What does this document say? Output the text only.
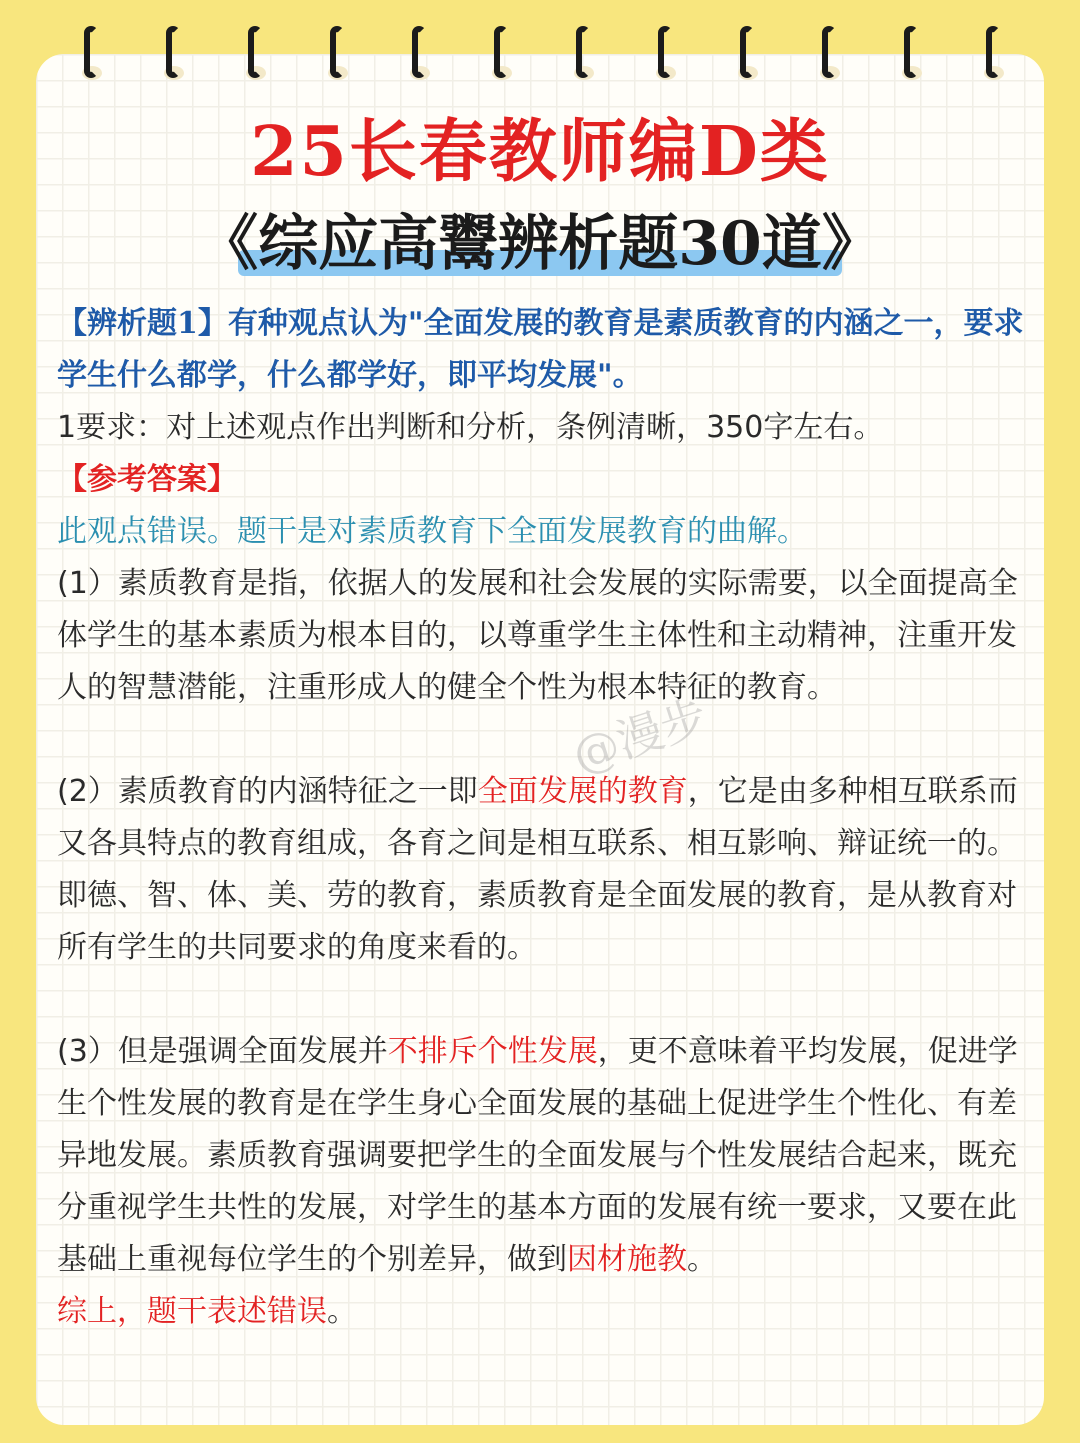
25长春教师编D类
《综应高鬻辨析题30道》

【辨析题1】有种观点认为"全面发展的教育是素质教育的内涵之一，要求学生什么都学，什么都学好，即平均发展"。

1要求：对上述观点作出判断和分析，条例清晰，350字左右。

【参考答案】

此观点错误。题干是对素质教育下全面发展教育的曲解。

(1）素质教育是指，依据人的发展和社会发展的实际需要，以全面提高全体学生的基本素质为根本目的，以尊重学生主体性和主动精神，注重开发人的智慧潜能，注重形成人的健全个性为根本特征的教育。

(2）素质教育的内涵特征之一即全面发展的教育，它是由多种相互联系而又各具特点的教育组成，各育之间是相互联系、相互影响、辩证统一的。即德、智、体、美、劳的教育，素质教育是全面发展的教育，是从教育对所有学生的共同要求的角度来看的。

(3）但是强调全面发展并不排斥个性发展，更不意味着平均发展，促进学生个性发展的教育是在学生身心全面发展的基础上促进学生个性化、有差异地发展。素质教育强调要把学生的全面发展与个性发展结合起来，既充分重视学生共性的发展，对学生的基本方面的发展有统一要求，又要在此基础上重视每位学生的个别差异，做到因材施教。

综上，题干表述错误。

@漫步
